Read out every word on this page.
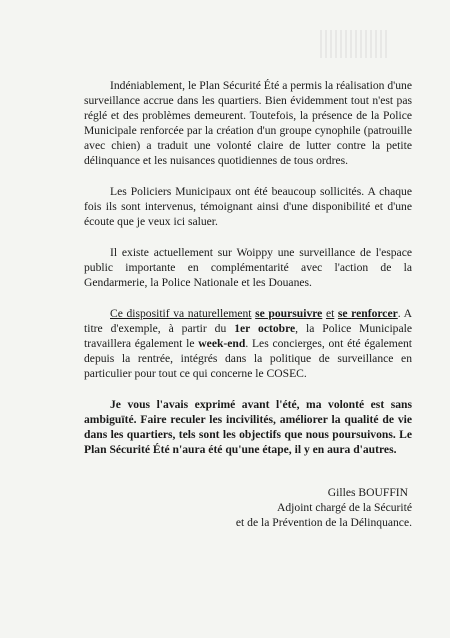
Indéniablement, le Plan Sécurité Été a permis la réalisation d'une surveillance accrue dans les quartiers. Bien évidemment tout n'est pas réglé et des problèmes demeurent. Toutefois, la présence de la Police Municipale renforcée par la création d'un groupe cynophile (patrouille avec chien) a traduit une volonté claire de lutter contre la petite délinquance et les nuisances quotidiennes de tous ordres.

Les Policiers Municipaux ont été beaucoup sollicités. A chaque fois ils sont intervenus, témoignant ainsi d'une disponibilité et d'une écoute que je veux ici saluer.

Il existe actuellement sur Woippy une surveillance de l'espace public importante en complémentarité avec l'action de la Gendarmerie, la Police Nationale et les Douanes.

Ce dispositif va naturellement se poursuivre et se renforcer. A titre d'exemple, à partir du 1er octobre, la Police Municipale travaillera également le week-end. Les concierges, ont été également depuis la rentrée, intégrés dans la politique de surveillance en particulier pour tout ce qui concerne le COSEC.

Je vous l'avais exprimé avant l'été, ma volonté est sans ambiguïté. Faire reculer les incivilités, améliorer la qualité de vie dans les quartiers, tels sont les objectifs que nous poursuivons. Le Plan Sécurité Été n'aura été qu'une étape, il y en aura d'autres.

Gilles BOUFFIN
Adjoint chargé de la Sécurité
et de la Prévention de la Délinquance.
